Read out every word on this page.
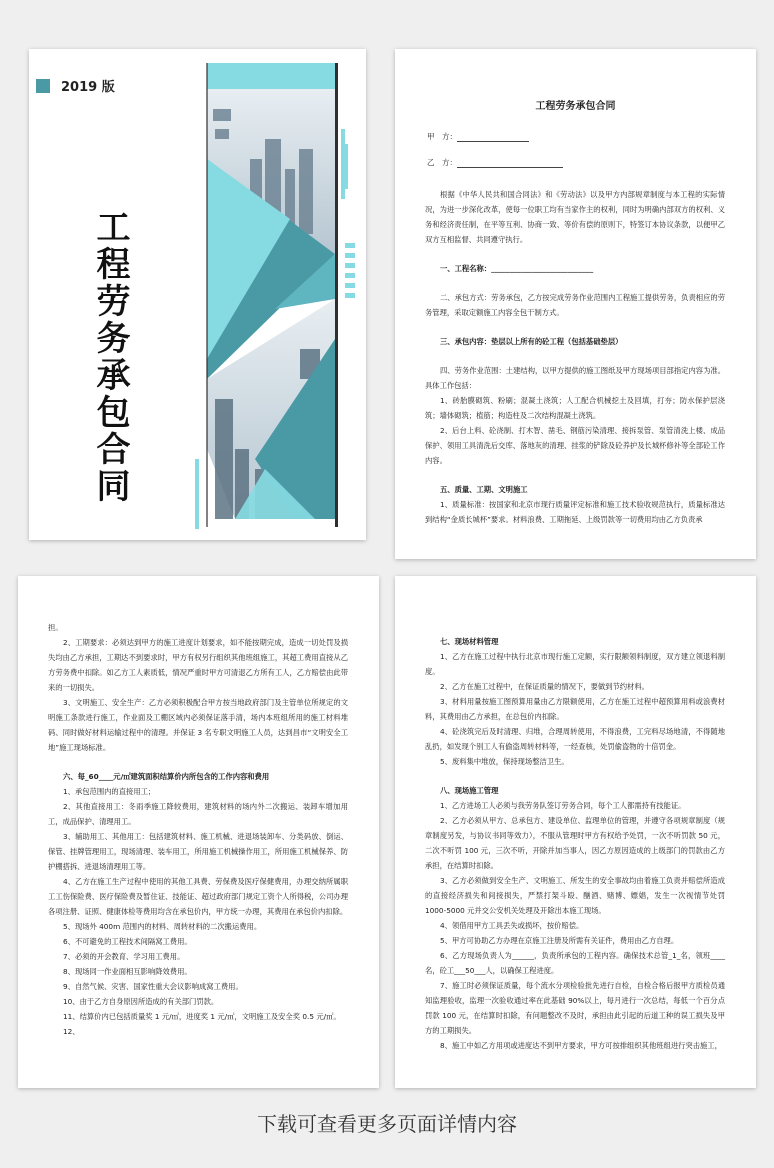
2019 版
工程劳务承包合同
工程劳务承包合同
甲　方：
乙　方：

根据《中华人民共和国合同法》和《劳动法》以及甲方内部规章制度与本工程的实际情况，为进一步深化改革，使每一位职工均有当家作主的权利，同时为明确内部双方的权利、义务和经济责任制，在平等互利、协商一致、等价有偿的原则下，特签订本协议条款，以便甲乙双方互相监督、共同遵守执行。

一、工程名称：____________________________

二、承包方式：劳务承包，乙方按完成劳务作业范围内工程施工提供劳务，负责相应的劳务管理，采取定额施工内容全包干制方式。

三、承包内容：垫层以上所有的砼工程（包括基础垫层）

四、劳务作业范围：土建结构，以甲方提供的施工图纸及甲方现场项目部指定内容为准。具体工作包括：

1、砖胎膜砌筑、粉刷；混凝土浇筑；人工配合机械挖土及回填，打夯；防水保护层浇筑；墙体砌筑；植筋；构造柱及二次结构混凝土浇筑。

2、后台上料、砼浇制、打木智、凿毛、钢筋污染清理、接拆泵管、泵管清洗上楼、成品保护、领用工具清洗后交库、落地灰的清理、挂浆的铲除及砼养护及长城杯修补等全部砼工作内容。

五、质量、工期、文明施工

1、质量标准：按国家和北京市现行质量评定标准和施工技术验收规范执行，质量标准达到结构“金质长城杯”要求。材料浪费、工期拖延、上级罚款等一切费用均由乙方负责承

担。

2、工期要求：必须达到甲方的施工进度计划要求，如不能按期完成，造成一切处罚及损失均由乙方承担，工期达不到要求时，甲方有权另行组织其他班组施工，其超工费用直接从乙方劳务费中扣除。如乙方工人素质低，情况严重时甲方可清退乙方所有工人，乙方赔偿由此带来的一切损失。

3、文明施工、安全生产：乙方必须积极配合甲方按当地政府部门及主管单位所规定的文明施工条款进行施工，作业面及工棚区域内必须保证落手清，场内本班组所用的施工材料堆码、同时做好材料运输过程中的清理。并保证 3 名专职文明施工人员，达到昌市“文明安全工地”施工现场标准。

六、每_60____元/㎡建筑面积结算价内所包含的工作内容和费用

1、承包范围内的直接用工；

2、其他直接用工：冬雨季施工降较费用，建筑材料的场内外二次搬运、装卸车增加用工，成品保护、清理用工。

3、辅助用工、其他用工：包括建筑材料、施工机械、进退场装卸车、分类码放、倒运、保管、挂牌管理用工，现场清理、装车用工，所用施工机械操作用工，所用施工机械保养、防护棚搭拆、进退场清理用工等。

4、乙方在施工生产过程中使用的其他工具费、劳保费及医疗保健费用，办理交纳所属职工工伤保险费、医疗保险费及暂住证、技能证、超过政府部门规定工资个人所得税，公司办理各项注册、证照、健康体检等费用均含在承包价内，甲方统一办理，其费用在承包价内扣除。

5、现场外 400m 范围内的材料、周转材料的二次搬运费用。

6、不可避免的工程技术间隔窝工费用。

7、必须的开会教育、学习用工费用。

8、现场同一作业面相互影响降效费用。

9、自然气候、灾害、国家性重大会议影响成窝工费用。

10、由于乙方自身原因所造成的有关部门罚款。

11、结算价内已包括质量奖 1 元/㎡，进度奖 1 元/㎡，文明施工及安全奖 0.5 元/㎡。

12、

七、现场材料管理

1、乙方在施工过程中执行北京市现行施工定额，实行限额领料制度，双方建立领退料制度。

2、乙方在施工过程中，在保证质量的情况下，要做到节约材料。

3、材料用量按施工图预算用量由乙方限额使用，乙方在施工过程中超预算用料或浪费材料，其费用由乙方承担，在总包价内扣除。

4、砼浇筑完后及时清理、归堆，合理周转使用，不得浪费，工完料尽场地清，不得随地乱扔，如发现个别工人有偷盗周转材料等，一经查核，处罚偷盗物的十倍罚金。

5、废料集中堆放，保持现场整洁卫生。

八、现场施工管理

1、乙方进场工人必须与我劳务队签订劳务合同，每个工人都需持有技能证。

2、乙方必须从甲方、总承包方、建设单位、监理单位的管理，并遵守各项规章制度（规章制度另发，与协议书同等效力），不服从管理时甲方有权给予处罚，一次不听罚款 50 元，二次不听罚 100 元，三次不听，开除并加当事人，因乙方原因造成的上级部门的罚款由乙方承担，在结算时扣除。

3、乙方必须做到安全生产、文明施工、所发生的安全事故均由着施工负责并赔偿所造成的直接经济损失和间接损失，严禁打架斗殴、酗酒、赌博、嫖娼，发生一次视情节处罚 1000-5000 元并交公安机关处理及开除出本施工现场。

4、领借用甲方工具丢失或损坏，按价赔偿。

5、甲方可协助乙方办理在京施工注册及所需有关证件，费用由乙方自理。

6、乙方现场负责人为______，负责所承包的工程内容。确保技术总管_1_名，领班____名，砼工___50___人，以确保工程进度。

7、施工时必须保证质量，每个流水分项检验批先进行自检，自检合格后报甲方质检员通知监理验收，监理一次验收通过率在此基础 90%以上，每月进行一次总结，每低一个百分点罚款 100 元，在结算时扣除，有问题整改不及时，承担由此引起的后道工种的误工损失及甲方的工期损失。

8、施工中如乙方用项或进度达不到甲方要求，甲方可按排组织其他班组进行突击施工，

下载可查看更多页面详情内容
